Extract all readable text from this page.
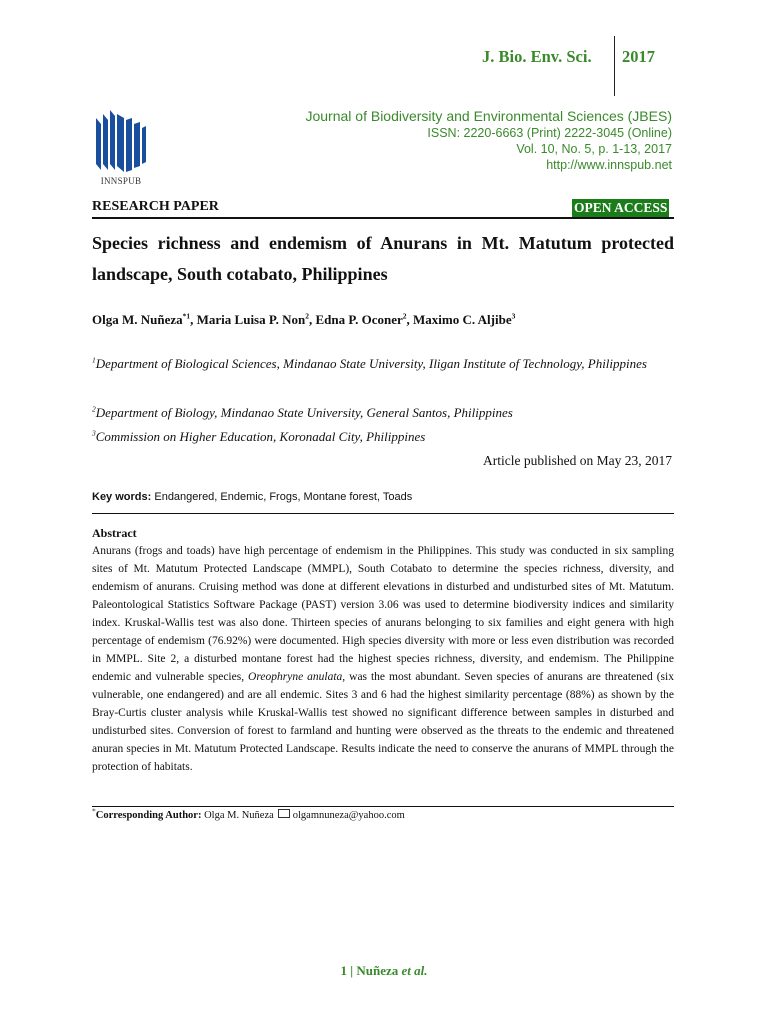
J. Bio. Env. Sci. 2017
INNSPUB
Journal of Biodiversity and Environmental Sciences (JBES)
ISSN: 2220-6663 (Print) 2222-3045 (Online)
Vol. 10, No. 5, p. 1-13, 2017
http://www.innspub.net
RESEARCH PAPER	OPEN ACCESS
Species richness and endemism of Anurans in Mt. Matutum protected landscape, South cotabato, Philippines
Olga M. Nuñeza$^{*1}$, Maria Luisa P. Non$^2$, Edna P. Oconer$^2$, Maximo C. Aljibe$^3$
$^1$Department of Biological Sciences, Mindanao State University, Iligan Institute of Technology, Philippines
$^2$Department of Biology, Mindanao State University, General Santos, Philippines
$^3$Commission on Higher Education, Koronadal City, Philippines
Article published on May 23, 2017
Key words: Endangered, Endemic, Frogs, Montane forest, Toads
Abstract

Anurans (frogs and toads) have high percentage of endemism in the Philippines. This study was conducted in six sampling sites of Mt. Matutum Protected Landscape (MMPL), South Cotabato to determine the species richness, diversity, and endemism of anurans. Cruising method was done at different elevations in disturbed and undisturbed sites of Mt. Matutum. Paleontological Statistics Software Package (PAST) version 3.06 was used to determine biodiversity indices and similarity index. Kruskal-Wallis test was also done. Thirteen species of anurans belonging to six families and eight genera with high percentage of endemism (76.92%) were documented. High species diversity with more or less even distribution was recorded in MMPL. Site 2, a disturbed montane forest had the highest species richness, diversity, and endemism. The Philippine endemic and vulnerable species, Oreophryne anulata, was the most abundant. Seven species of anurans are threatened (six vulnerable, one endangered) and are all endemic. Sites 3 and 6 had the highest similarity percentage (88%) as shown by the Bray-Curtis cluster analysis while Kruskal-Wallis test showed no significant difference between samples in disturbed and undisturbed sites. Conversion of forest to farmland and hunting were observed as the threats to the endemic and threatened anuran species in Mt. Matutum Protected Landscape. Results indicate the need to conserve the anurans of MMPL through the protection of habitats.

*Corresponding Author: Olga M. Nuñeza olgamnuneza@yahoo.com
1 | Nuñeza et al.
